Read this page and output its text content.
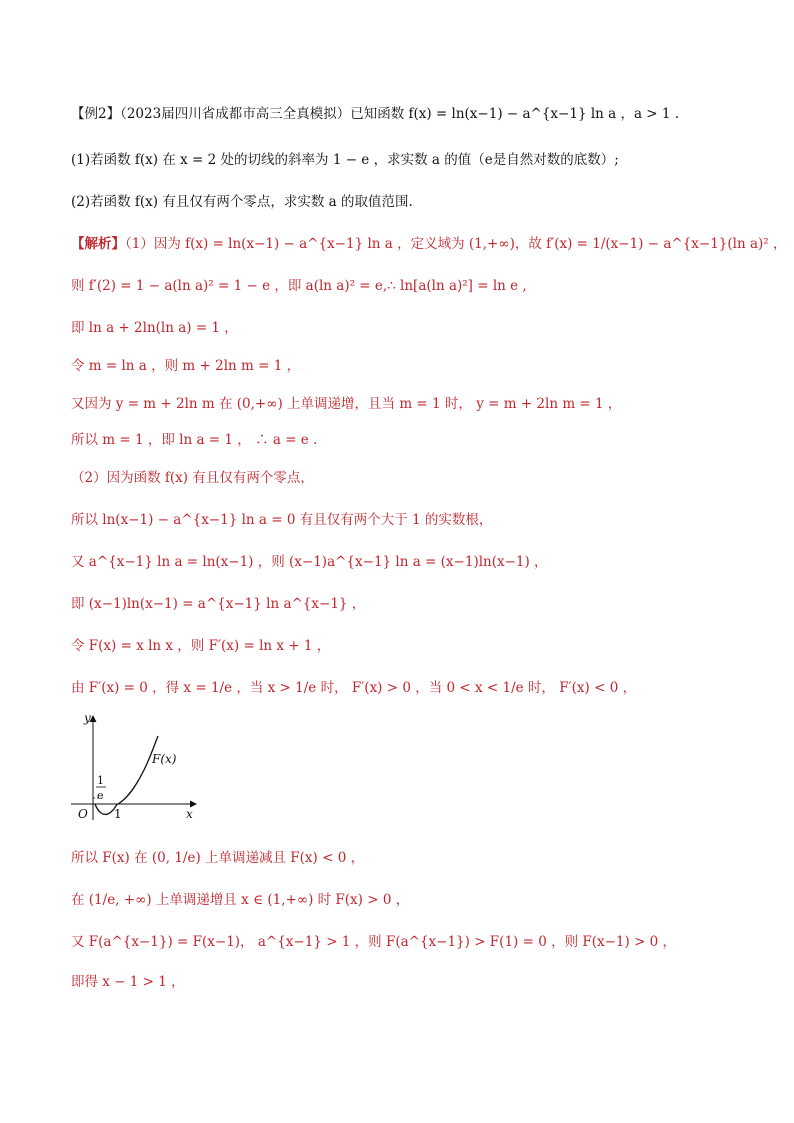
【例2】（2023届四川省成都市高三全真模拟）已知函数 f(x) = ln(x−1) − a^{x−1} ln a ，a > 1 .
(1)若函数 f(x) 在 x = 2 处的切线的斜率为 1 − e ，求实数 a 的值（e是自然对数的底数）;
(2)若函数 f(x) 有且仅有两个零点，求实数 a 的取值范围.
【解析】（1）因为 f(x) = ln(x−1) − a^{x−1} ln a ，定义域为 (1,+∞)，故 f′(x) = 1/(x−1) − a^{x−1}(ln a)² ，
则 f′(2) = 1 − a(ln a)² = 1 − e ，即 a(ln a)² = e,∴ ln[a(ln a)²] = ln e ,
即 ln a + 2ln(ln a) = 1 ，
令 m = ln a ，则 m + 2ln m = 1 ，
又因为 y = m + 2ln m 在 (0,+∞) 上单调递增，且当 m = 1 时， y = m + 2ln m = 1 ，
所以 m = 1 ，即 ln a = 1 ， ∴ a = e .
（2）因为函数 f(x) 有且仅有两个零点，
所以 ln(x−1) − a^{x−1} ln a = 0 有且仅有两个大于 1 的实数根，
又 a^{x−1} ln a = ln(x−1) ，则 (x−1)a^{x−1} ln a = (x−1)ln(x−1) ，
即 (x−1)ln(x−1) = a^{x−1} ln a^{x−1} ，
令 F(x) = x ln x ，则 F′(x) = ln x + 1 ，
由 F′(x) = 0 ，得 x = 1/e ，当 x > 1/e 时， F′(x) > 0 ，当 0 < x < 1/e 时， F′(x) < 0 ，
y
x
O
F(x)
1
e
1
所以 F(x) 在 (0, 1/e) 上单调递减且 F(x) < 0 ，
在 (1/e, +∞) 上单调递增且 x ∈ (1,+∞) 时 F(x) > 0 ，
又 F(a^{x−1}) = F(x−1)， a^{x−1} > 1 ，则 F(a^{x−1}) > F(1) = 0 ，则 F(x−1) > 0 ，
即得 x − 1 > 1 ，
